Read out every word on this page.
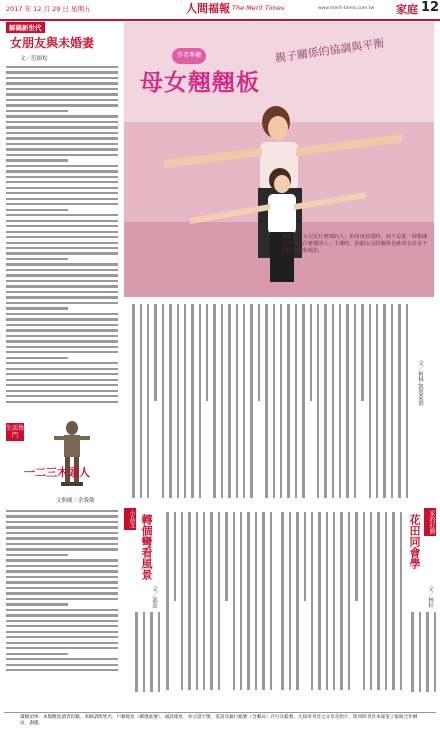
2017 年 12 月 29 日 星期五	人間福報 The Merit Times	www.merit-times.com.tw 家庭 12
解碼新世代
女朋友與未婚妻
文／范揚松
生活快門
一二三木頭人
文與圖／余我敬
作者專欄
母女翹翹板
親子關係的協調與平衡
當妳說「女兒是什麼樣的人」的角度放寬時，而不是從「妳想讓女兒成為什麼樣的人」主導時，妳跟女兒的關係也就會有許多不同的面貌和風景。
文／柯林‧凱恩蒙德
小品文 轉個彎看風景
文／邵思
家的打磨
花田同會學
文／林杉
讀稿須事：本版歡迎讀者投稿，來稿請附姓名、戶籍地址（郵遞區號）、通訊地址、身分證字號、電話及銀行帳號（含郵局）存行及帳號，凡採用刊登之文章及照片，將同時刊於本報電子報與合作網站，謝謝。
